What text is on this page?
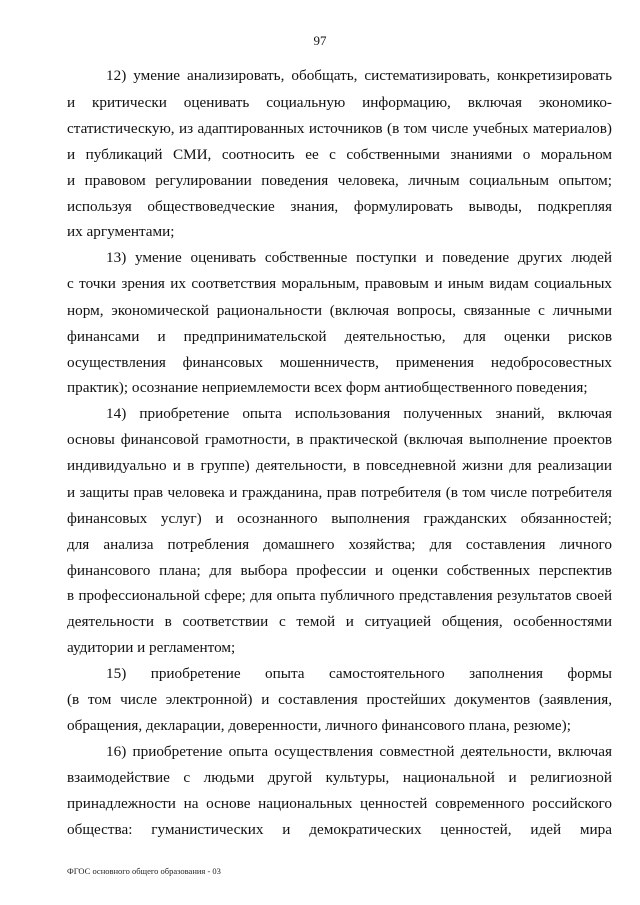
97
12) умение анализировать, обобщать, систематизировать, конкретизировать
и критически оценивать социальную информацию, включая экономико-
статистическую, из адаптированных источников (в том числе учебных материалов)
и публикаций СМИ, соотносить ее с собственными знаниями о моральном
и правовом регулировании поведения человека, личным социальным опытом;
используя обществоведческие знания, формулировать выводы, подкрепляя
их аргументами;
13) умение оценивать собственные поступки и поведение других людей
с точки зрения их соответствия моральным, правовым и иным видам социальных
норм, экономической рациональности (включая вопросы, связанные с личными
финансами и предпринимательской деятельностью, для оценки рисков
осуществления финансовых мошенничеств, применения недобросовестных
практик); осознание неприемлемости всех форм антиобщественного поведения;
14) приобретение опыта использования полученных знаний, включая
основы финансовой грамотности, в практической (включая выполнение проектов
индивидуально и в группе) деятельности, в повседневной жизни для реализации
и защиты прав человека и гражданина, прав потребителя (в том числе потребителя
финансовых услуг) и осознанного выполнения гражданских обязанностей;
для анализа потребления домашнего хозяйства; для составления личного
финансового плана; для выбора профессии и оценки собственных перспектив
в профессиональной сфере; для опыта публичного представления результатов своей
деятельности в соответствии с темой и ситуацией общения, особенностями
аудитории и регламентом;
15) приобретение опыта самостоятельного заполнения формы
(в том числе электронной) и составления простейших документов (заявления,
обращения, декларации, доверенности, личного финансового плана, резюме);
16) приобретение опыта осуществления совместной деятельности, включая
взаимодействие с людьми другой культуры, национальной и религиозной
принадлежности на основе национальных ценностей современного российского
общества: гуманистических и демократических ценностей, идей мира
ФГОС основного общего образования - 03
